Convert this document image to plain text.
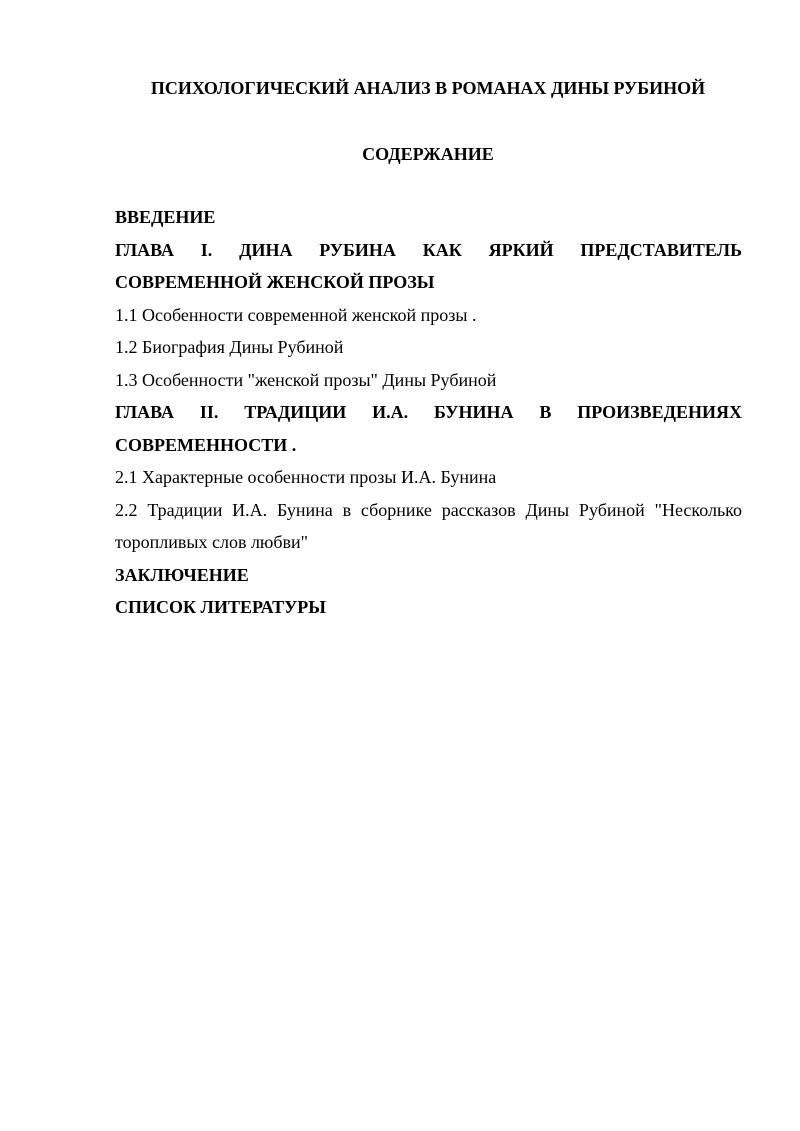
ПСИХОЛОГИЧЕСКИЙ АНАЛИЗ В РОМАНАХ ДИНЫ РУБИНОЙ
СОДЕРЖАНИЕ

ВВЕДЕНИЕ

ГЛАВА I. ДИНА РУБИНА КАК ЯРКИЙ ПРЕДСТАВИТЕЛЬ СОВРЕМЕННОЙ ЖЕНСКОЙ ПРОЗЫ

1.1 Особенности современной женской прозы .

1.2 Биография Дины Рубиной

1.3 Особенности "женской прозы" Дины Рубиной

ГЛАВА II. ТРАДИЦИИ И.А. БУНИНА В ПРОИЗВЕДЕНИЯХ СОВРЕМЕННОСТИ .

2.1 Характерные особенности прозы И.А. Бунина

2.2 Традиции И.А. Бунина в сборнике рассказов Дины Рубиной "Несколько торопливых слов любви"

ЗАКЛЮЧЕНИЕ

СПИСОК ЛИТЕРАТУРЫ
